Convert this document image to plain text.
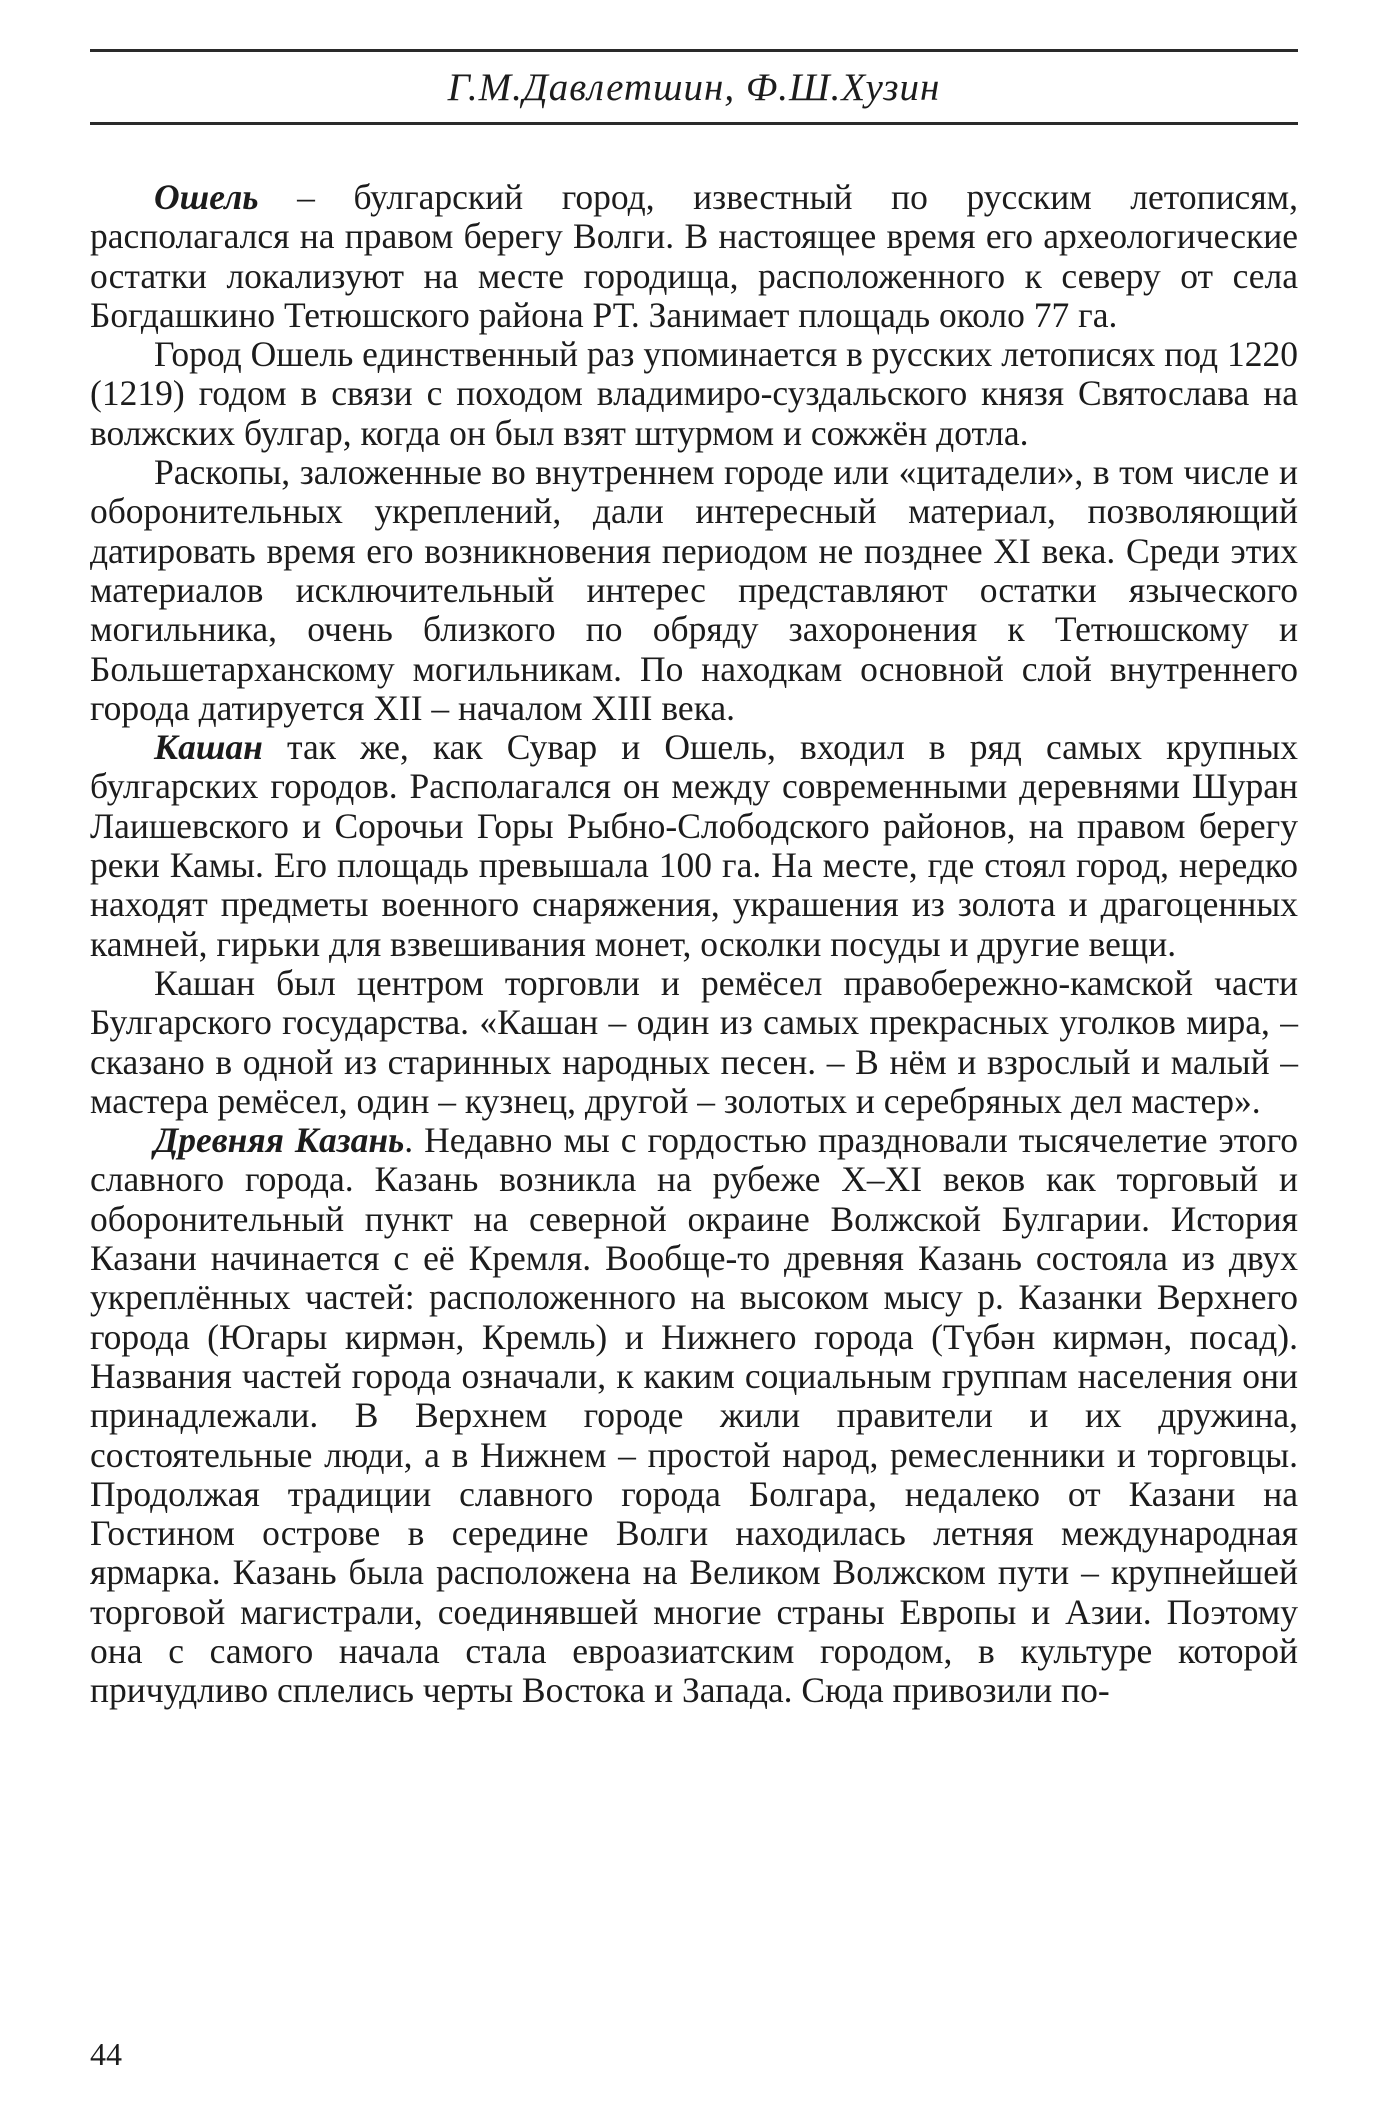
Г.М.Давлетшин, Ф.Ш.Хузин

Ошель – булгарский город, известный по русским летописям, располагался на правом берегу Волги. В настоящее время его археологические остатки локализуют на месте городища, расположенного к северу от села Богдашкино Тетюшского района РТ. Занимает площадь около 77 га.

Город Ошель единственный раз упоминается в русских летописях под 1220 (1219) годом в связи с походом владимиро-суздальского князя Святослава на волжских булгар, когда он был взят штурмом и сожжён дотла.

Раскопы, заложенные во внутреннем городе или «цитадели», в том числе и оборонительных укреплений, дали интересный материал, позволяющий датировать время его возникновения периодом не позднее XI века. Среди этих материалов исключительный интерес представляют остатки языческого могильника, очень близкого по обряду захоронения к Тетюшскому и Большетарханскому могильникам. По находкам основной слой внутреннего города датируется XII – началом XIII века.

Кашан так же, как Сувар и Ошель, входил в ряд самых крупных булгарских городов. Располагался он между современными деревнями Шуран Лаишевского и Сорочьи Горы Рыбно-Слободского районов, на правом берегу реки Камы. Его площадь превышала 100 га. На месте, где стоял город, нередко находят предметы военного снаряжения, украшения из золота и драгоценных камней, гирьки для взвешивания монет, осколки посуды и другие вещи.

Кашан был центром торговли и ремёсел правобережно-камской части Булгарского государства. «Кашан – один из самых прекрасных уголков мира, – сказано в одной из старинных народных песен. – В нём и взрослый и малый – мастера ремёсел, один – кузнец, другой – золотых и серебряных дел мастер».

Древняя Казань. Недавно мы с гордостью праздновали тысячелетие этого славного города. Казань возникла на рубеже X–XI веков как торговый и оборонительный пункт на северной окраине Волжской Булгарии. История Казани начинается с её Кремля. Вообще-то древняя Казань состояла из двух укреплённых частей: расположенного на высоком мысу р. Казанки Верхнего города (Югары кирмән, Кремль) и Нижнего города (Түбән кирмән, посад). Названия частей города означали, к каким социальным группам населения они принадлежали. В Верхнем городе жили правители и их дружина, состоятельные люди, а в Нижнем – простой народ, ремесленники и торговцы. Продолжая традиции славного города Болгара, недалеко от Казани на Гостином острове в середине Волги находилась летняя международная ярмарка. Казань была расположена на Великом Волжском пути – крупнейшей торговой магистрали, соединявшей многие страны Европы и Азии. Поэтому она с самого начала стала евроазиатским городом, в культуре которой причудливо сплелись черты Востока и Запада. Сюда привозили по-

44
